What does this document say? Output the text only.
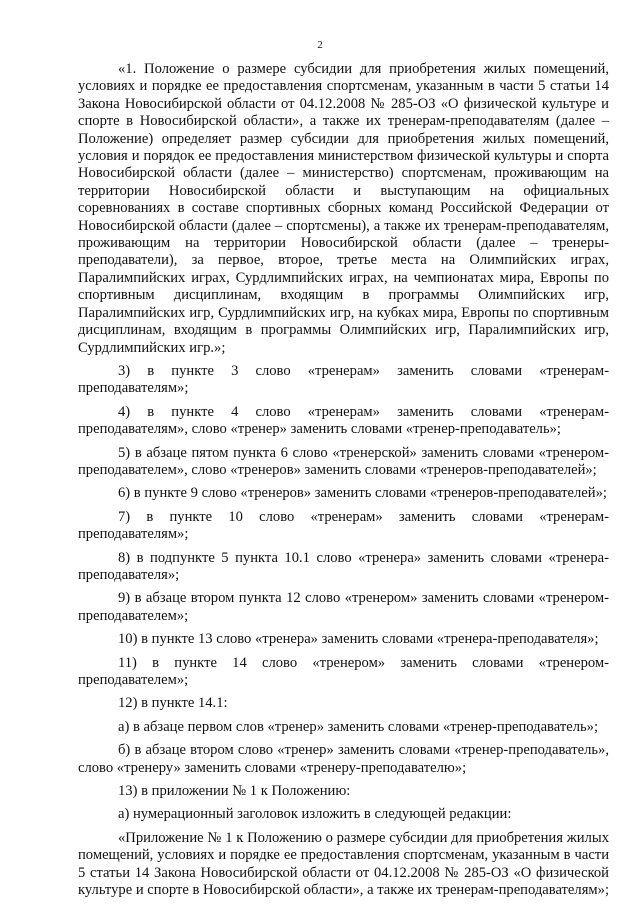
2

«1. Положение о размере субсидии для приобретения жилых помещений, условиях и порядке ее предоставления спортсменам, указанным в части 5 статьи 14 Закона Новосибирской области от 04.12.2008 № 285-ОЗ «О физической культуре и спорте в Новосибирской области», а также их тренерам-преподавателям (далее – Положение) определяет размер субсидии для приобретения жилых помещений, условия и порядок ее предоставления министерством физической культуры и спорта Новосибирской области (далее – министерство) спортсменам, проживающим на территории Новосибирской области и выступающим на официальных соревнованиях в составе спортивных сборных команд Российской Федерации от Новосибирской области (далее – спортсмены), а также их тренерам-преподавателям, проживающим на территории Новосибирской области (далее – тренеры-преподаватели), за первое, второе, третье места на Олимпийских играх, Паралимпийских играх, Сурдлимпийских играх, на чемпионатах мира, Европы по спортивным дисциплинам, входящим в программы Олимпийских игр, Паралимпийских игр, Сурдлимпийских игр, на кубках мира, Европы по спортивным дисциплинам, входящим в программы Олимпийских игр, Паралимпийских игр, Сурдлимпийских игр.»;

3) в пункте 3 слово «тренерам» заменить словами «тренерам-преподавателям»;

4) в пункте 4 слово «тренерам» заменить словами «тренерам-преподавателям», слово «тренер» заменить словами «тренер-преподаватель»;

5) в абзаце пятом пункта 6 слово «тренерской» заменить словами «тренером-преподавателем», слово «тренеров» заменить словами «тренеров-преподавателей»;

6) в пункте 9 слово «тренеров» заменить словами «тренеров-преподавателей»;

7) в пункте 10 слово «тренерам» заменить словами «тренерам-преподавателям»;

8) в подпункте 5 пункта 10.1 слово «тренера» заменить словами «тренера-преподавателя»;

9) в абзаце втором пункта 12 слово «тренером» заменить словами «тренером-преподавателем»;

10) в пункте 13 слово «тренера» заменить словами «тренера-преподавателя»;

11) в пункте 14 слово «тренером» заменить словами «тренером-преподавателем»;

12) в пункте 14.1:

а) в абзаце первом слов «тренер» заменить словами «тренер-преподаватель»;

б) в абзаце втором слово «тренер» заменить словами «тренер-преподаватель», слово «тренеру» заменить словами «тренеру-преподавателю»;

13) в приложении № 1 к Положению:

а) нумерационный заголовок изложить в следующей редакции:

«Приложение № 1 к Положению о размере субсидии для приобретения жилых помещений, условиях и порядке ее предоставления спортсменам, указанным в части 5 статьи 14 Закона Новосибирской области от 04.12.2008 № 285-ОЗ «О физической культуре и спорте в Новосибирской области», а также их тренерам-преподавателям»;
